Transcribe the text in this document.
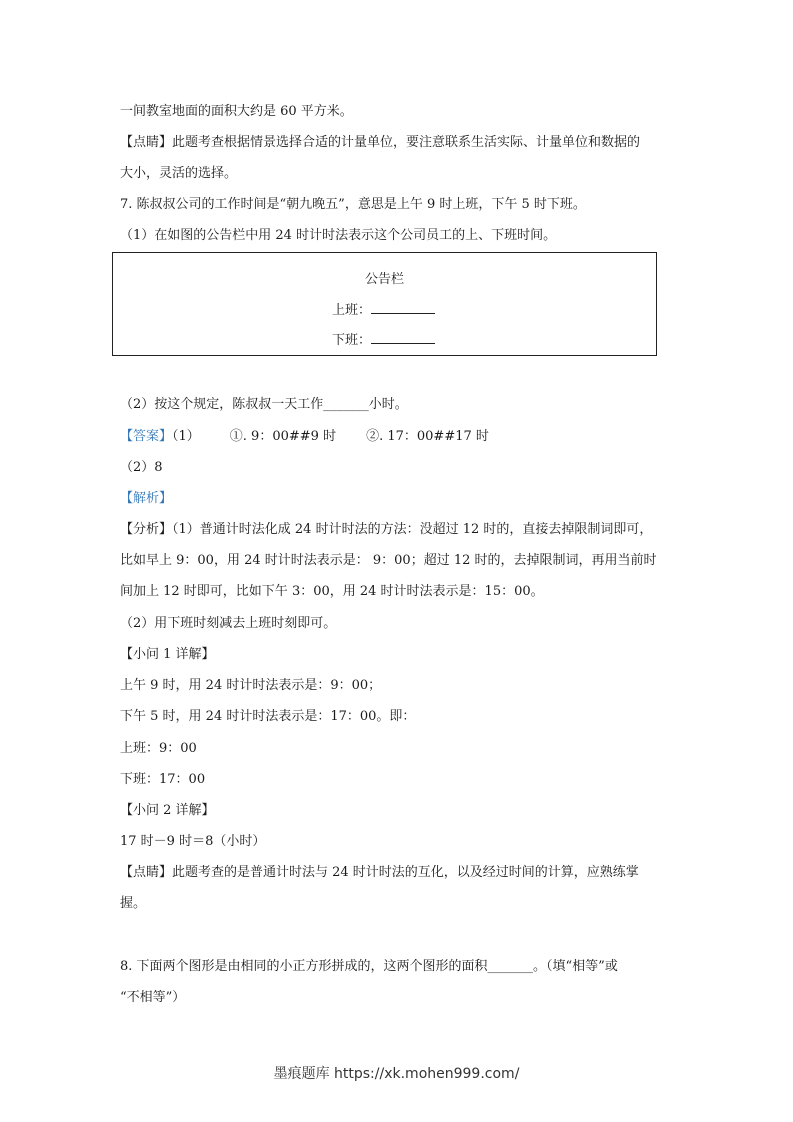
一间教室地面的面积大约是 60 平方米。
【点睛】此题考查根据情景选择合适的计量单位，要注意联系生活实际、计量单位和数据的
大小，灵活的选择。
7. 陈叔叔公司的工作时间是“朝九晚五”，意思是上午 9 时上班，下午 5 时下班。
（1）在如图的公告栏中用 24 时计时法表示这个公司员工的上、下班时间。
公告栏
上班：
下班：
（2）按这个规定，陈叔叔一天工作_______小时。
【答案】（1） ①. 9：00##9 时 ②. 17：00##17 时
（2）8
【解析】
【分析】（1）普通计时法化成 24 时计时法的方法：没超过 12 时的，直接去掉限制词即可，
比如早上 9：00，用 24 时计时法表示是： 9：00；超过 12 时的，去掉限制词，再用当前时
间加上 12 时即可，比如下午 3：00，用 24 时计时法表示是：15：00。
（2）用下班时刻减去上班时刻即可。
【小问 1 详解】
上午 9 时，用 24 时计时法表示是：9：00；
下午 5 时，用 24 时计时法表示是：17：00。即：
上班：9：00
下班：17：00
【小问 2 详解】
17 时－9 时＝8（小时）
【点睛】此题考查的是普通计时法与 24 时计时法的互化，以及经过时间的计算，应熟练掌
握。
8. 下面两个图形是由相同的小正方形拼成的，这两个图形的面积_______。（填“相等”或
“不相等”）
墨痕题库 https://xk.mohen999.com/
